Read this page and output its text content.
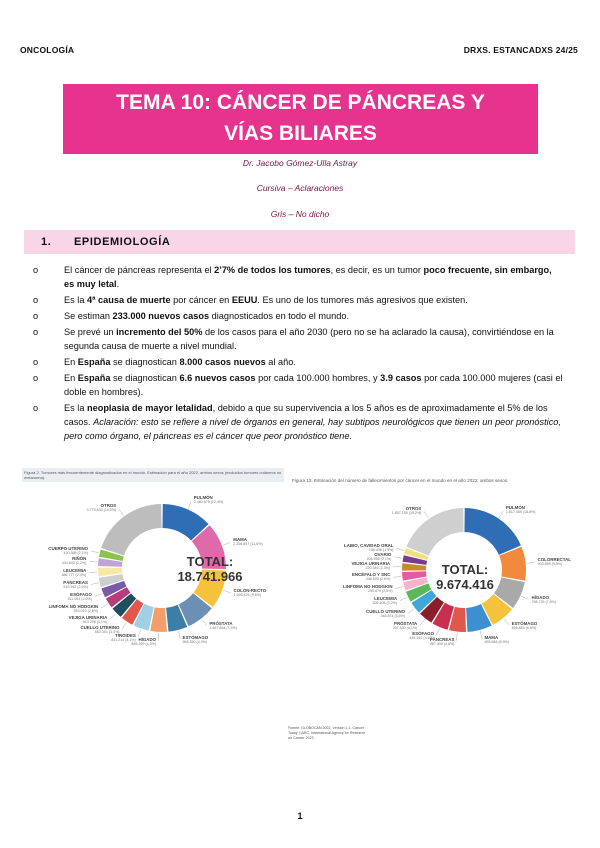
ONCOLOGÍA	DRXS. ESTANCADXS 24/25
TEMA 10: CÁNCER DE PÁNCREAS Y
VÍAS BILIARES
Dr. Jacobo Gómez-Ulla Astray
Cursiva – Aclaraciones
Gris – No dicho
1. EPIDEMIOLOGÍA
o	El cáncer de páncreas representa el 2’7% de todos los tumores, es decir, es un tumor poco frecuente, sin embargo, es muy letal.
o	Es la 4ª causa de muerte por cáncer en EEUU. Es uno de los tumores más agresivos que existen.
o	Se estiman 233.000 nuevos casos diagnosticados en todo el mundo.
o	Se prevé un incremento del 50% de los casos para el año 2030 (pero no se ha aclarado la causa), convirtiéndose en la segunda causa de muerte a nivel mundial.
o	En España se diagnostican 8.000 casos nuevos al año.
o	En España se diagnostican 6.6 nuevos casos por cada 100.000 hombres, y 3.9 casos por cada 100.000 mujeres (casi el doble en hombres).
o	Es la neoplasia de mayor letalidad, debido a que su supervivencia a los 5 años es de aproximadamente el 5% de los casos. Aclaración: esto se refiere a nivel de órganos en general, hay subtipos neurológicos que tienen un peor pronóstico, pero como órgano, el páncreas es el cáncer que peor pronóstico tiene.
Figura 2. Tumores más frecuentemente diagnosticados en el mundo. Estimación para el año 2022, ambos sexos (excluidos tumores cutáneos no melanoma).
TOTAL:
18.741.966
PULMÓN
2.480.675 (12,4%)
MAMA
2.308.897 (11,6%)
COLON-RECTO
1.926.425 (9,6%)
PRÓSTATA
1.467.854 (7,3%)
ESTÓMAGO
968.350 (4,9%)
HÍGADO
865.269 (4,3%)
TIROIDES
821.214 (4,1%)
CUELLO UTERINO
662.301 (3,3%)
VEJIGA URINARIA
614.298 (3,1%)
LINFOMA NO HODGKIN
553.010 (2,8%)
ESÓFAGO
511.054 (2,6%)
PÁNCREAS
510.992 (2,6%)
LEUCEMIA
486.777 (2,4%)
RIÑÓN
434.840 (2,2%)
CUERPO UTERINO
420.368 (2,1%)
OTROS
3.779.833 (19,0%)
Figura 13. Estimación del número de fallecimientos por cáncer en el mundo en el año 2022, ambos sexos.
TOTAL:
9.674.416
PULMÓN
1.817.469 (18,8%)
COLORRECTAL
903.859 (9,3%)
HÍGADO
758.725 (7,8%)
ESTÓMAGO
659.853 (6,8%)
MAMA
665.684 (6,9%)
PÁNCREAS
467.409 (4,8%)
ESÓFAGO
445.391 (4,6%)
PRÓSTATA
397.430 (4,1%)
CUELLO UTERINO
348.874 (3,6%)
LEUCEMIA
305.405 (3,2%)
LINFOMA NO HODGKIN
250.679 (2,6%)
ENCÉFALO Y SNC
248.500 (2,6%)
VEJIGA URINARIA
220.349 (2,3%)
OVARIO
206.956 (2,1%)
LABIO, CAVIDAD ORAL
188.438 (1,9%)
OTROS
1.857.155 (19,2%)
Fuente: GLOBOCAN 2022. Version 1.1. Cancer Today | IARC. International Agency for Research on Cancer 2023
1
